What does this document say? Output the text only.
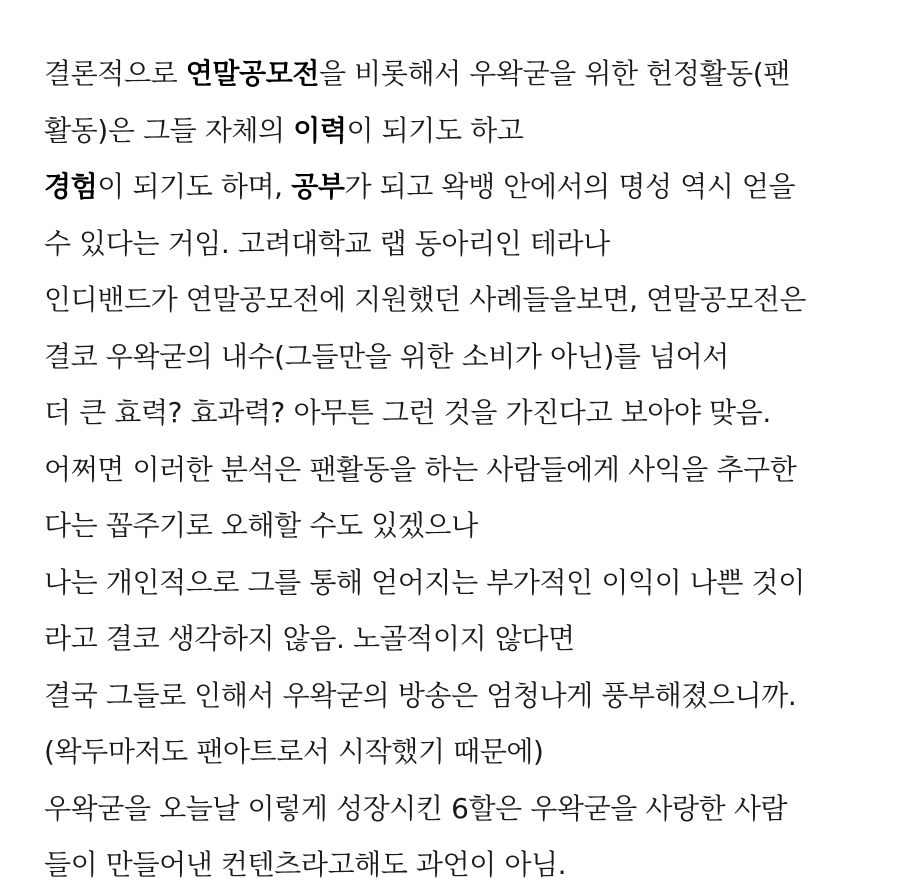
결론적으로 연말공모전을 비롯해서 우왁굳을 위한 헌정활동(팬
활동)은 그들 자체의 이력이 되기도 하고
경험이 되기도 하며, 공부가 되고 왁뱅 안에서의 명성 역시 얻을
수 있다는 거임. 고려대학교 랩 동아리인 테라나
인디밴드가 연말공모전에 지원했던 사례들을보면, 연말공모전은
결코 우왁굳의 내수(그들만을 위한 소비가 아닌)를 넘어서
더 큰 효력? 효과력? 아무튼 그런 것을 가진다고 보아야 맞음.
어쩌면 이러한 분석은 팬활동을 하는 사람들에게 사익을 추구한
다는 꼽주기로 오해할 수도 있겠으나
나는 개인적으로 그를 통해 얻어지는 부가적인 이익이 나쁜 것이
라고 결코 생각하지 않음. 노골적이지 않다면
결국 그들로 인해서 우왁굳의 방송은 엄청나게 풍부해졌으니까.
(왁두마저도 팬아트로서 시작했기 때문에)
우왁굳을 오늘날 이렇게 성장시킨 6할은 우왁굳을 사랑한 사람
들이 만들어낸 컨텐츠라고해도 과언이 아님.
